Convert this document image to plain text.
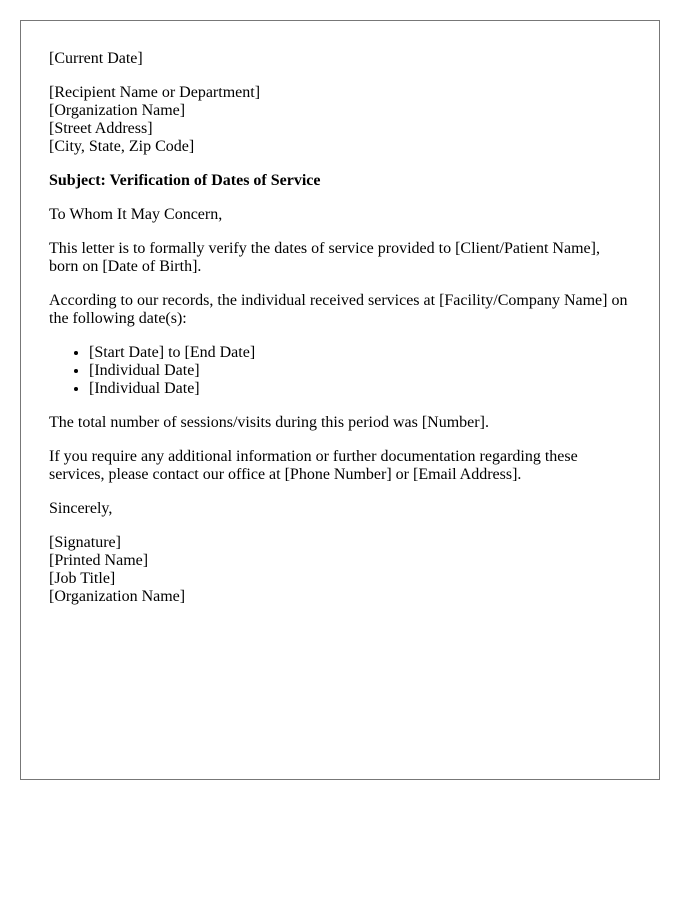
[Current Date]
[Recipient Name or Department]
[Organization Name]
[Street Address]
[City, State, Zip Code]
Subject: Verification of Dates of Service

To Whom It May Concern,

This letter is to formally verify the dates of service provided to [Client/Patient Name], born on [Date of Birth].

According to our records, the individual received services at [Facility/Company Name] on the following date(s):

• [Start Date] to [End Date]
• [Individual Date]
• [Individual Date]

The total number of sessions/visits during this period was [Number].

If you require any additional information or further documentation regarding these services, please contact our office at [Phone Number] or [Email Address].

Sincerely,

[Signature]
[Printed Name]
[Job Title]
[Organization Name]
